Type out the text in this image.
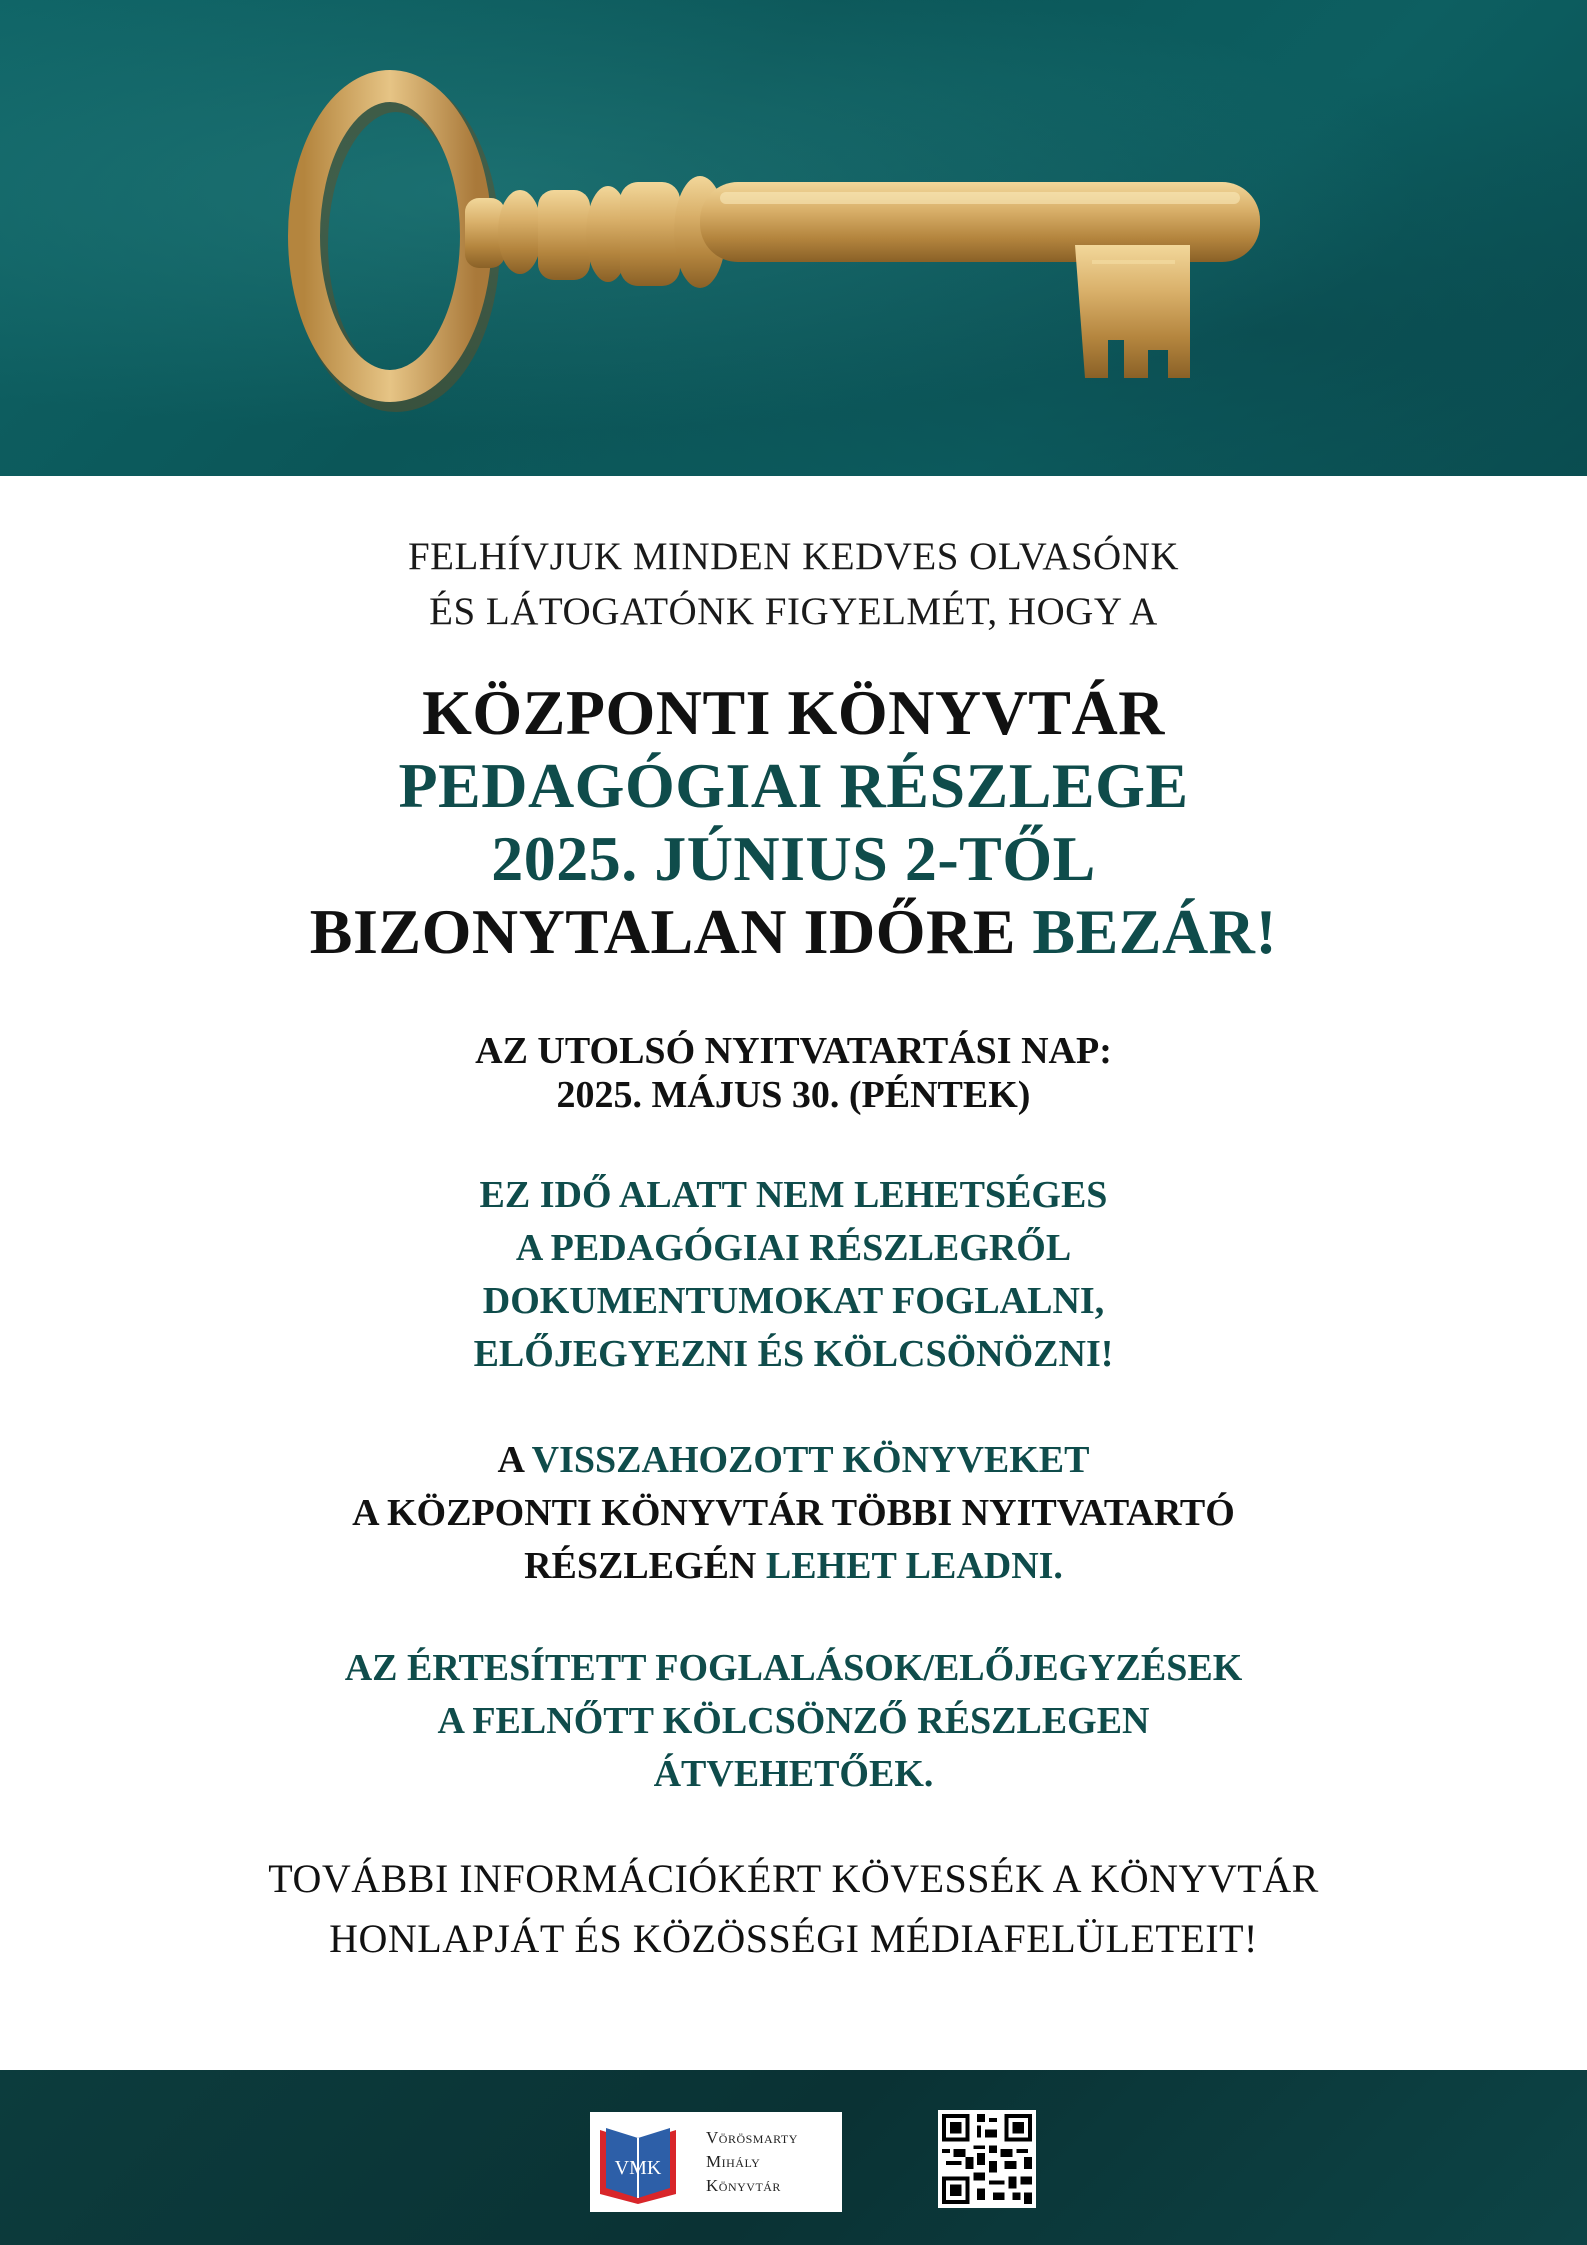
FELHÍVJUK MINDEN KEDVES OLVASÓNK
ÉS LÁTOGATÓNK FIGYELMÉT, HOGY A
KÖZPONTI KÖNYVTÁR
PEDAGÓGIAI RÉSZLEGE
2025. JÚNIUS 2-TŐL
BIZONYTALAN IDŐRE BEZÁR!
AZ UTOLSÓ NYITVATARTÁSI NAP:
2025. MÁJUS 30. (PÉNTEK)
EZ IDŐ ALATT NEM LEHETSÉGES
A PEDAGÓGIAI RÉSZLEGRŐL
DOKUMENTUMOKAT FOGLALNI,
ELŐJEGYEZNI ÉS KÖLCSÖNÖZNI!
A VISSZAHOZOTT KÖNYVEKET
A KÖZPONTI KÖNYVTÁR TÖBBI NYITVATARTÓ
RÉSZLEGÉN LEHET LEADNI.
AZ ÉRTESÍTETT FOGLALÁSOK/ELŐJEGYZÉSEK
A FELNŐTT KÖLCSÖNZŐ RÉSZLEGEN
ÁTVEHETŐEK.
TOVÁBBI INFORMÁCIÓKÉRT KÖVESSÉK A KÖNYVTÁR
HONLAPJÁT ÉS KÖZÖSSÉGI MÉDIAFELÜLETEIT!
VMK
Vörösmarty
Mihály
Könyvtár
